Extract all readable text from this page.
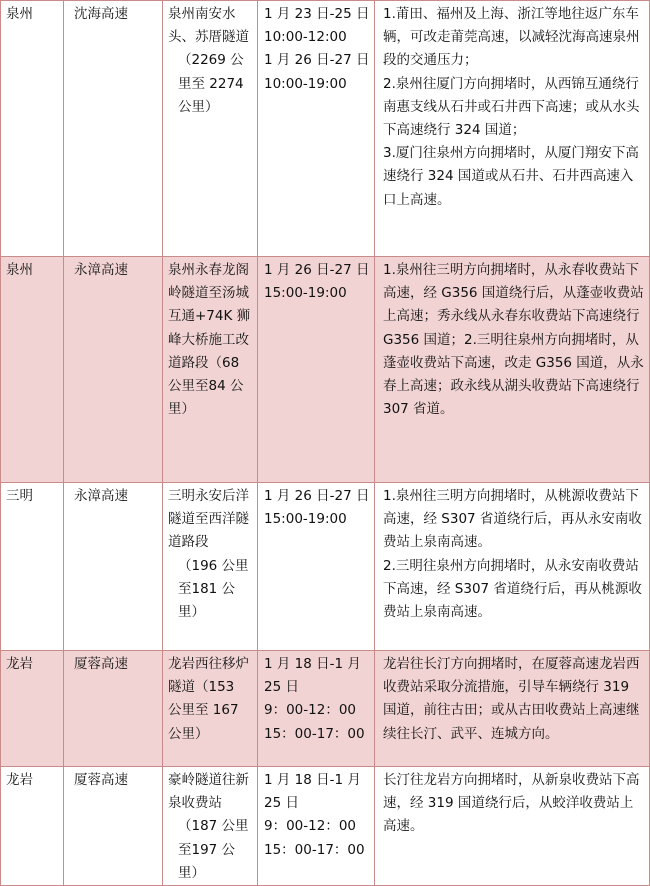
泉州	沈海高速	泉州南安水头、苏厝隧道
（2269 公里至 2274 公里）	1 月 23 日-25 日
10:00-12:00
1 月 26 日-27 日
10:00-19:00	1.莆田、福州及上海、浙江等地往返广东车辆，可改走莆莞高速，以减轻沈海高速泉州段的交通压力；
2.泉州往厦门方向拥堵时，从西锦互通绕行南惠支线从石井或石井西下高速；或从水头下高速绕行 324 国道；
3.厦门往泉州方向拥堵时，从厦门翔安下高速绕行 324 国道或从石井、石井西高速入口上高速。

泉州	永漳高速	泉州永春龙阁岭隧道至汤城互通+74K 狮峰大桥施工改道路段（68 公里至84 公里）	1 月 26 日-27 日
15:00-19:00	1.泉州往三明方向拥堵时，从永春收费站下高速，经 G356 国道绕行后，从蓬壶收费站上高速；秀永线从永春东收费站下高速绕行 G356 国道；2.三明往泉州方向拥堵时，从蓬壶收费站下高速，改走 G356 国道，从永春上高速；政永线从湖头收费站下高速绕行 307 省道。

三明	永漳高速	三明永安后洋隧道至西洋隧道路段
（196 公里至181 公里）	1 月 26 日-27 日
15:00-19:00	1.泉州往三明方向拥堵时，从桃源收费站下高速，经 S307 省道绕行后，再从永安南收费站上泉南高速。
2.三明往泉州方向拥堵时，从永安南收费站下高速，经 S307 省道绕行后，再从桃源收费站上泉南高速。

龙岩	厦蓉高速	龙岩西往移炉隧道（153 公里至 167 公里）	1 月 18 日-1 月 25 日
9：00-12：00
15：00-17：00	龙岩往长汀方向拥堵时，在厦蓉高速龙岩西收费站采取分流措施，引导车辆绕行 319 国道，前往古田；或从古田收费站上高速继续往长汀、武平、连城方向。

龙岩	厦蓉高速	豪岭隧道往新泉收费站
（187 公里至197 公里）	1 月 18 日-1 月 25 日
9：00-12：00
15：00-17：00	长汀往龙岩方向拥堵时，从新泉收费站下高速，经 319 国道绕行后，从蛟洋收费站上高速。
